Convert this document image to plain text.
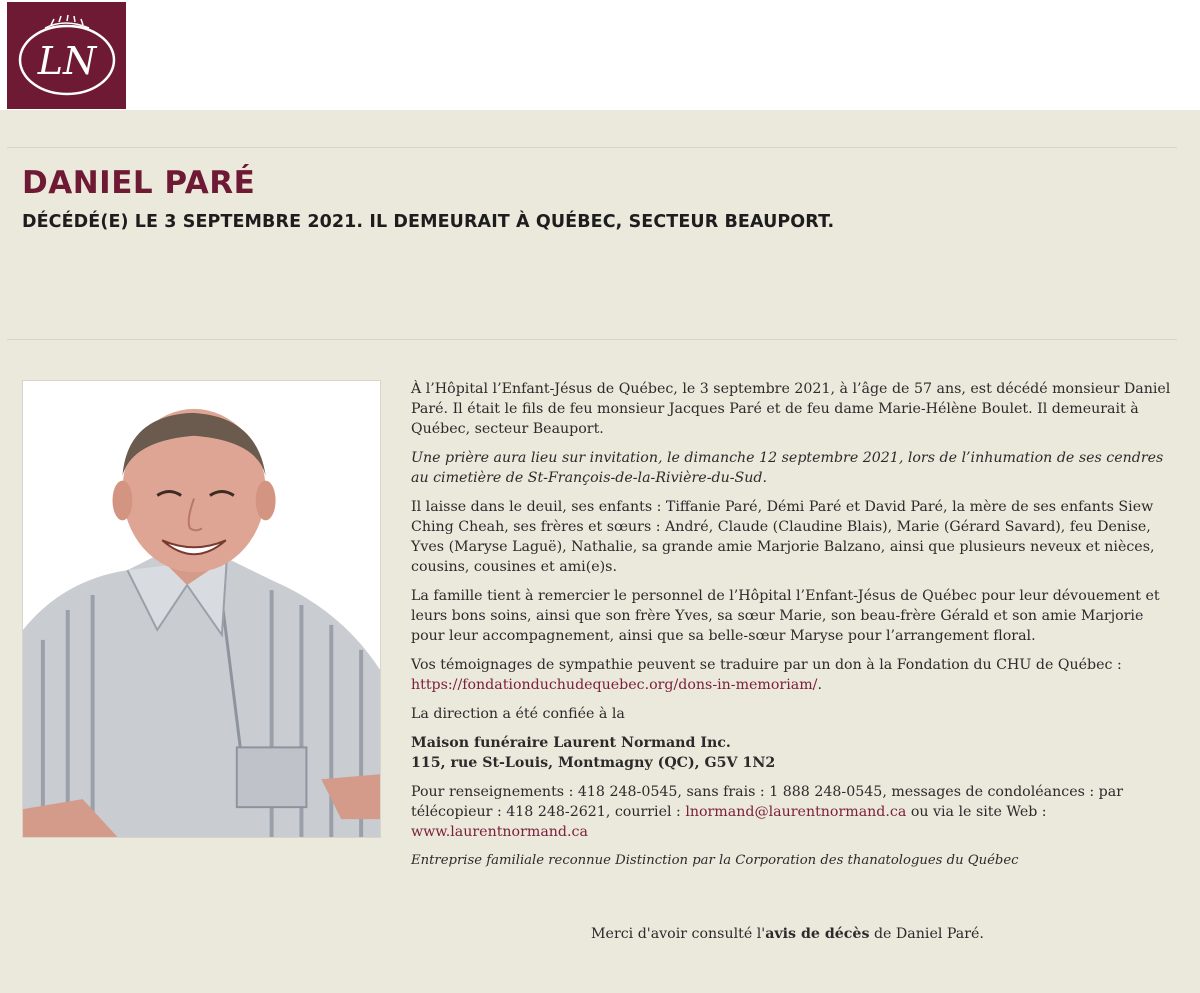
LN
DANIEL PARÉ
DÉCÉDÉ(E) LE 3 SEPTEMBRE 2021. IL DEMEURAIT À QUÉBEC, SECTEUR BEAUPORT.

À l’Hôpital l’Enfant-Jésus de Québec, le 3 septembre 2021, à l’âge de 57 ans, est décédé monsieur Daniel Paré. Il était le fils de feu monsieur Jacques Paré et de feu dame Marie-Hélène Boulet. Il demeurait à Québec, secteur Beauport.

Une prière aura lieu sur invitation, le dimanche 12 septembre 2021, lors de l’inhumation de ses cendres au cimetière de St-François-de-la-Rivière-du-Sud.

Il laisse dans le deuil, ses enfants : Tiffanie Paré, Démi Paré et David Paré, la mère de ses enfants Siew Ching Cheah, ses frères et sœurs : André, Claude (Claudine Blais), Marie (Gérard Savard), feu Denise, Yves (Maryse Laguë), Nathalie, sa grande amie Marjorie Balzano, ainsi que plusieurs neveux et nièces, cousins, cousines et ami(e)s.

La famille tient à remercier le personnel de l’Hôpital l’Enfant-Jésus de Québec pour leur dévouement et leurs bons soins, ainsi que son frère Yves, sa sœur Marie, son beau-frère Gérald et son amie Marjorie pour leur accompagnement, ainsi que sa belle-sœur Maryse pour l’arrangement floral.

Vos témoignages de sympathie peuvent se traduire par un don à la Fondation du CHU de Québec :
https://fondationduchudequebec.org/dons-in-memoriam/.

La direction a été confiée à la

Maison funéraire Laurent Normand Inc.
115, rue St-Louis, Montmagny (QC), G5V 1N2

Pour renseignements : 418 248-0545, sans frais : 1 888 248-0545, messages de condoléances : par télécopieur : 418 248-2621, courriel : lnormand@laurentnormand.ca ou via le site Web :
www.laurentnormand.ca

Entreprise familiale reconnue Distinction par la Corporation des thanatologues du Québec

Merci d'avoir consulté l'avis de décès de Daniel Paré.
